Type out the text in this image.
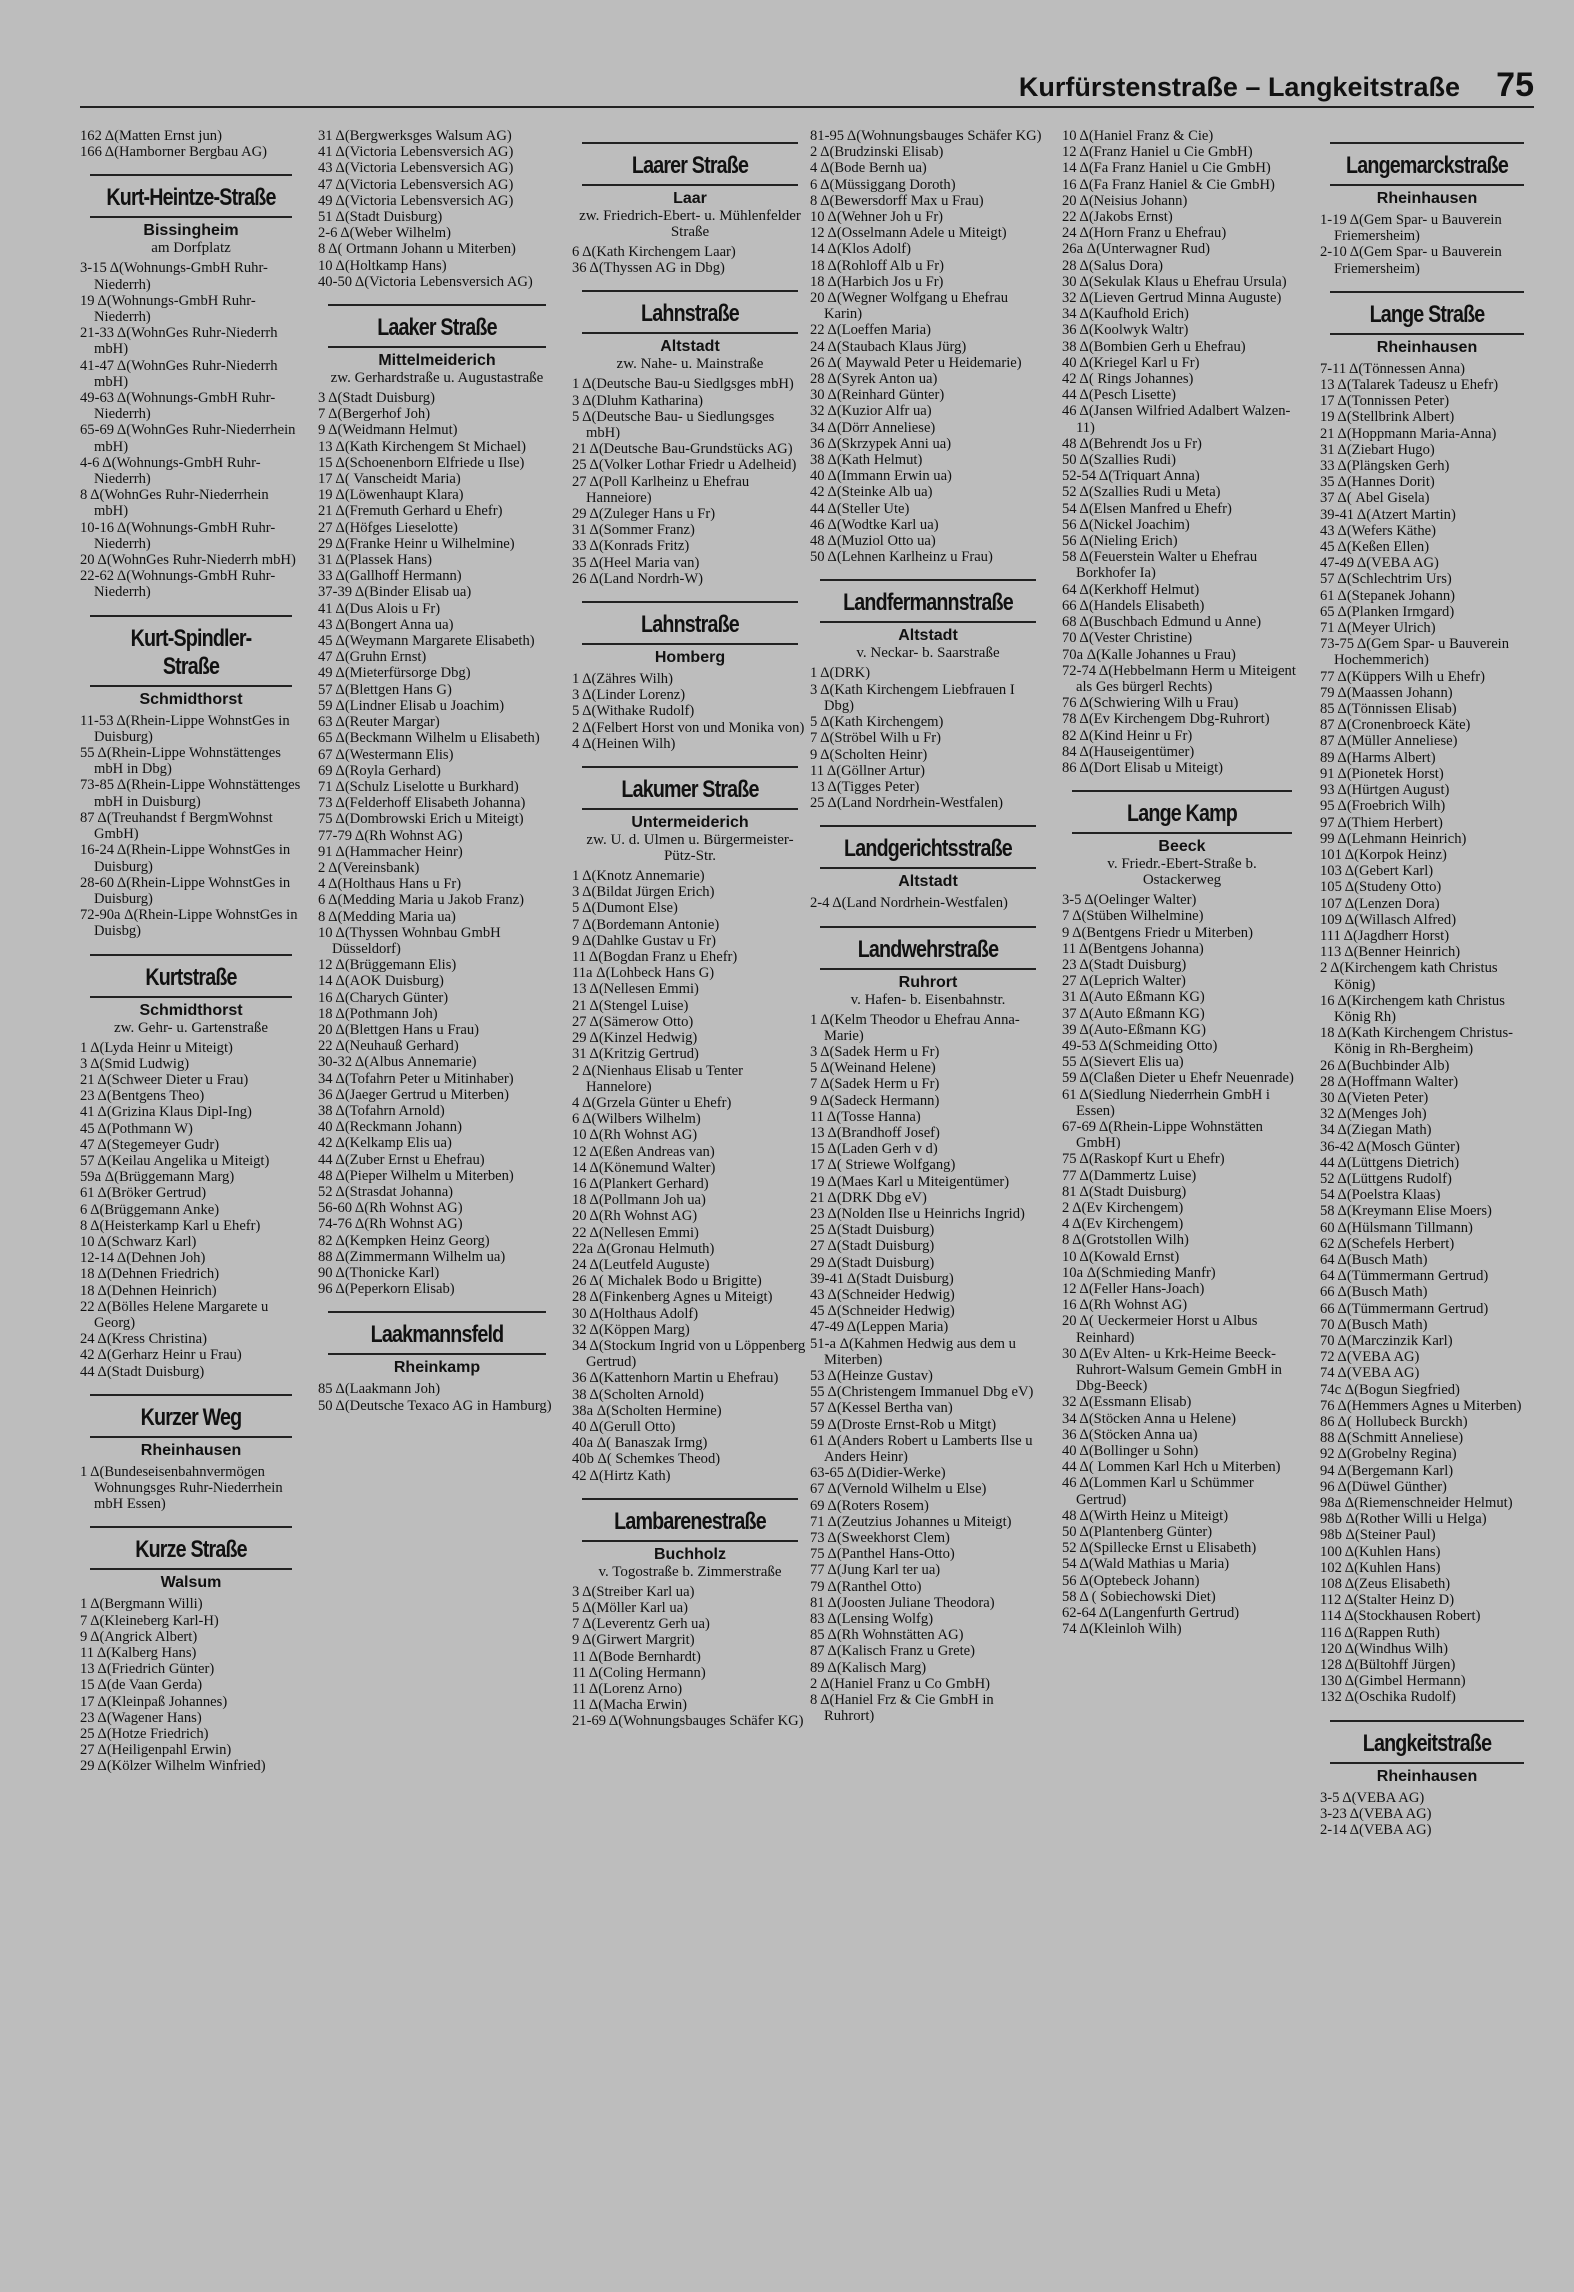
Kurfürstenstraße – Langkeitstraße 75
162 Δ(Matten Ernst jun)
166 Δ(Hamborner Bergbau AG)
Kurt-Heintze-Straße
Bissingheim
am Dorfplatz
3-15 Δ(Wohnungs-GmbH Ruhr-Niederrh)
19 Δ(Wohnungs-GmbH Ruhr-Niederrh)
21-33 Δ(WohnGes Ruhr-Niederrh mbH)
41-47 Δ(WohnGes Ruhr-Niederrh mbH)
49-63 Δ(Wohnungs-GmbH Ruhr-Niederrh)
65-69 Δ(WohnGes Ruhr-Niederrhein mbH)
4-6 Δ(Wohnungs-GmbH Ruhr-Niederrh)
8 Δ(WohnGes Ruhr-Niederrhein mbH)
10-16 Δ(Wohnungs-GmbH Ruhr-Niederrh)
20 Δ(WohnGes Ruhr-Niederrh mbH)
22-62 Δ(Wohnungs-GmbH Ruhr-Niederrh)
Kurt-Spindler-Straße
Schmidthorst
11-53 Δ(Rhein-Lippe WohnstGes in Duisburg)
55 Δ(Rhein-Lippe Wohnstättenges mbH in Dbg)
73-85 Δ(Rhein-Lippe Wohnstättenges mbH in Duisburg)
87 Δ(Treuhandst f BergmWohnst GmbH)
16-24 Δ(Rhein-Lippe WohnstGes in Duisburg)
28-60 Δ(Rhein-Lippe WohnstGes in Duisburg)
72-90a Δ(Rhein-Lippe WohnstGes in Duisbg)
Kurtstraße
Schmidthorst
zw. Gehr- u. Gartenstraße
1 Δ(Lyda Heinr u Miteigt)
3 Δ(Smid Ludwig)
21 Δ(Schweer Dieter u Frau)
23 Δ(Bentgens Theo)
41 Δ(Grizina Klaus Dipl-Ing)
45 Δ(Pothmann W)
47 Δ(Stegemeyer Gudr)
57 Δ(Keilau Angelika u Miteigt)
59a Δ(Brüggemann Marg)
61 Δ(Bröker Gertrud)
6 Δ(Brüggemann Anke)
8 Δ(Heisterkamp Karl u Ehefr)
10 Δ(Schwarz Karl)
12-14 Δ(Dehnen Joh)
18 Δ(Dehnen Friedrich)
18 Δ(Dehnen Heinrich)
22 Δ(Bölles Helene Margarete u Georg)
24 Δ(Kress Christina)
42 Δ(Gerharz Heinr u Frau)
44 Δ(Stadt Duisburg)
Kurzer Weg
Rheinhausen
1 Δ(Bundeseisenbahnvermögen Wohnungsges Ruhr-Niederrhein mbH Essen)
Kurze Straße
Walsum
1 Δ(Bergmann Willi)
7 Δ(Kleineberg Karl-H)
9 Δ(Angrick Albert)
11 Δ(Kalberg Hans)
13 Δ(Friedrich Günter)
15 Δ(de Vaan Gerda)
17 Δ(Kleinpaß Johannes)
23 Δ(Wagener Hans)
25 Δ(Hotze Friedrich)
27 Δ(Heiligenpahl Erwin)
29 Δ(Kölzer Wilhelm Winfried)
31 Δ(Bergwerksges Walsum AG)
41 Δ(Victoria Lebensversich AG)
43 Δ(Victoria Lebensversich AG)
47 Δ(Victoria Lebensversich AG)
49 Δ(Victoria Lebensversich AG)
51 Δ(Stadt Duisburg)
2-6 Δ(Weber Wilhelm)
8 Δ( Ortmann Johann u Miterben)
10 Δ(Holtkamp Hans)
40-50 Δ(Victoria Lebensversich AG)
Laaker Straße
Mittelmeiderich
zw. Gerhardstraße u. Augustastraße
3 Δ(Stadt Duisburg)
7 Δ(Bergerhof Joh)
9 Δ(Weidmann Helmut)
13 Δ(Kath Kirchengem St Michael)
15 Δ(Schoenenborn Elfriede u Ilse)
17 Δ( Vanscheidt Maria)
19 Δ(Löwenhaupt Klara)
21 Δ(Fremuth Gerhard u Ehefr)
27 Δ(Höfges Lieselotte)
29 Δ(Franke Heinr u Wilhelmine)
31 Δ(Plassek Hans)
33 Δ(Gallhoff Hermann)
37-39 Δ(Binder Elisab ua)
41 Δ(Dus Alois u Fr)
43 Δ(Bongert Anna ua)
45 Δ(Weymann Margarete Elisabeth)
47 Δ(Gruhn Ernst)
49 Δ(Mieterfürsorge Dbg)
57 Δ(Blettgen Hans G)
59 Δ(Lindner Elisab u Joachim)
63 Δ(Reuter Margar)
65 Δ(Beckmann Wilhelm u Elisabeth)
67 Δ(Westermann Elis)
69 Δ(Royla Gerhard)
71 Δ(Schulz Liselotte u Burkhard)
73 Δ(Felderhoff Elisabeth Johanna)
75 Δ(Dombrowski Erich u Miteigt)
77-79 Δ(Rh Wohnst AG)
91 Δ(Hammacher Heinr)
2 Δ(Vereinsbank)
4 Δ(Holthaus Hans u Fr)
6 Δ(Medding Maria u Jakob Franz)
8 Δ(Medding Maria ua)
10 Δ(Thyssen Wohnbau GmbH Düsseldorf)
12 Δ(Brüggemann Elis)
14 Δ(AOK Duisburg)
16 Δ(Charych Günter)
18 Δ(Pothmann Joh)
20 Δ(Blettgen Hans u Frau)
22 Δ(Neuhauß Gerhard)
30-32 Δ(Albus Annemarie)
34 Δ(Tofahrn Peter u Mitinhaber)
36 Δ(Jaeger Gertrud u Miterben)
38 Δ(Tofahrn Arnold)
40 Δ(Reckmann Johann)
42 Δ(Kelkamp Elis ua)
44 Δ(Zuber Ernst u Ehefrau)
48 Δ(Pieper Wilhelm u Miterben)
52 Δ(Strasdat Johanna)
56-60 Δ(Rh Wohnst AG)
74-76 Δ(Rh Wohnst AG)
82 Δ(Kempken Heinz Georg)
88 Δ(Zimmermann Wilhelm ua)
90 Δ(Thonicke Karl)
96 Δ(Peperkorn Elisab)
Laakmannsfeld
Rheinkamp
85 Δ(Laakmann Joh)
50 Δ(Deutsche Texaco AG in Hamburg)
Laarer Straße
Laar
zw. Friedrich-Ebert- u. Mühlenfelder Straße
6 Δ(Kath Kirchengem Laar)
36 Δ(Thyssen AG in Dbg)
Lahnstraße
Altstadt
zw. Nahe- u. Mainstraße
1 Δ(Deutsche Bau-u Siedlgsges mbH)
3 Δ(Dluhm Katharina)
5 Δ(Deutsche Bau- u Siedlungsges mbH)
21 Δ(Deutsche Bau-Grundstücks AG)
25 Δ(Volker Lothar Friedr u Adelheid)
27 Δ(Poll Karlheinz u Ehefrau Hanneiore)
29 Δ(Zuleger Hans u Fr)
31 Δ(Sommer Franz)
33 Δ(Konrads Fritz)
35 Δ(Heel Maria van)
26 Δ(Land Nordrh-W)
Lahnstraße
Homberg
1 Δ(Zähres Wilh)
3 Δ(Linder Lorenz)
5 Δ(Withake Rudolf)
2 Δ(Felbert Horst von und Monika von)
4 Δ(Heinen Wilh)
Lakumer Straße
Untermeiderich
zw. U. d. Ulmen u. Bürgermeister-Pütz-Str.
1 Δ(Knotz Annemarie)
3 Δ(Bildat Jürgen Erich)
5 Δ(Dumont Else)
7 Δ(Bordemann Antonie)
9 Δ(Dahlke Gustav u Fr)
11 Δ(Bogdan Franz u Ehefr)
11a Δ(Lohbeck Hans G)
13 Δ(Nellesen Emmi)
21 Δ(Stengel Luise)
27 Δ(Sämerow Otto)
29 Δ(Kinzel Hedwig)
31 Δ(Kritzig Gertrud)
2 Δ(Nienhaus Elisab u Tenter Hannelore)
4 Δ(Grzela Günter u Ehefr)
6 Δ(Wilbers Wilhelm)
10 Δ(Rh Wohnst AG)
12 Δ(Eßen Andreas van)
14 Δ(Könemund Walter)
16 Δ(Plankert Gerhard)
18 Δ(Pollmann Joh ua)
20 Δ(Rh Wohnst AG)
22 Δ(Nellesen Emmi)
22a Δ(Gronau Helmuth)
24 Δ(Leutfeld Auguste)
26 Δ( Michalek Bodo u Brigitte)
28 Δ(Finkenberg Agnes u Miteigt)
30 Δ(Holthaus Adolf)
32 Δ(Köppen Marg)
34 Δ(Stockum Ingrid von u Löppenberg Gertrud)
36 Δ(Kattenhorn Martin u Ehefrau)
38 Δ(Scholten Arnold)
38a Δ(Scholten Hermine)
40 Δ(Gerull Otto)
40a Δ( Banaszak Irmg)
40b Δ( Schemkes Theod)
42 Δ(Hirtz Kath)
Lambarenestraße
Buchholz
v. Togostraße b. Zimmerstraße
3 Δ(Streiber Karl ua)
5 Δ(Möller Karl ua)
7 Δ(Leverentz Gerh ua)
9 Δ(Girwert Margrit)
11 Δ(Bode Bernhardt)
11 Δ(Coling Hermann)
11 Δ(Lorenz Arno)
11 Δ(Macha Erwin)
21-69 Δ(Wohnungsbauges Schäfer KG)
81-95 Δ(Wohnungsbauges Schäfer KG)
2 Δ(Brudzinski Elisab)
4 Δ(Bode Bernh ua)
6 Δ(Müssiggang Doroth)
8 Δ(Bewersdorff Max u Frau)
10 Δ(Wehner Joh u Fr)
12 Δ(Osselmann Adele u Miteigt)
14 Δ(Klos Adolf)
18 Δ(Rohloff Alb u Fr)
18 Δ(Harbich Jos u Fr)
20 Δ(Wegner Wolfgang u Ehefrau Karin)
22 Δ(Loeffen Maria)
24 Δ(Staubach Klaus Jürg)
26 Δ( Maywald Peter u Heidemarie)
28 Δ(Syrek Anton ua)
30 Δ(Reinhard Günter)
32 Δ(Kuzior Alfr ua)
34 Δ(Dörr Anneliese)
36 Δ(Skrzypek Anni ua)
38 Δ(Kath Helmut)
40 Δ(Immann Erwin ua)
42 Δ(Steinke Alb ua)
44 Δ(Steller Ute)
46 Δ(Wodtke Karl ua)
48 Δ(Muziol Otto ua)
50 Δ(Lehnen Karlheinz u Frau)
Landfermannstraße
Altstadt
v. Neckar- b. Saarstraße
1 Δ(DRK)
3 Δ(Kath Kirchengem Liebfrauen I Dbg)
5 Δ(Kath Kirchengem)
7 Δ(Ströbel Wilh u Fr)
9 Δ(Scholten Heinr)
11 Δ(Göllner Artur)
13 Δ(Tigges Peter)
25 Δ(Land Nordrhein-Westfalen)
Landgerichtsstraße
Altstadt
2-4 Δ(Land Nordrhein-Westfalen)
Landwehrstraße
Ruhrort
v. Hafen- b. Eisenbahnstr.
1 Δ(Kelm Theodor u Ehefrau Anna-Marie)
3 Δ(Sadek Herm u Fr)
5 Δ(Weinand Helene)
7 Δ(Sadek Herm u Fr)
9 Δ(Sadeck Hermann)
11 Δ(Tosse Hanna)
13 Δ(Brandhoff Josef)
15 Δ(Laden Gerh v d)
17 Δ( Striewe Wolfgang)
19 Δ(Maes Karl u Miteigentümer)
21 Δ(DRK Dbg eV)
23 Δ(Nolden Ilse u Heinrichs Ingrid)
25 Δ(Stadt Duisburg)
27 Δ(Stadt Duisburg)
29 Δ(Stadt Duisburg)
39-41 Δ(Stadt Duisburg)
43 Δ(Schneider Hedwig)
45 Δ(Schneider Hedwig)
47-49 Δ(Leppen Maria)
51-a Δ(Kahmen Hedwig aus dem u Miterben)
53 Δ(Heinze Gustav)
55 Δ(Christengem Immanuel Dbg eV)
57 Δ(Kessel Bertha van)
59 Δ(Droste Ernst-Rob u Mitgt)
61 Δ(Anders Robert u Lamberts Ilse u Anders Heinr)
63-65 Δ(Didier-Werke)
67 Δ(Vernold Wilhelm u Else)
69 Δ(Roters Rosem)
71 Δ(Zeutzius Johannes u Miteigt)
73 Δ(Sweekhorst Clem)
75 Δ(Panthel Hans-Otto)
77 Δ(Jung Karl ter ua)
79 Δ(Ranthel Otto)
81 Δ(Joosten Juliane Theodora)
83 Δ(Lensing Wolfg)
85 Δ(Rh Wohnstätten AG)
87 Δ(Kalisch Franz u Grete)
89 Δ(Kalisch Marg)
2 Δ(Haniel Franz u Co GmbH)
8 Δ(Haniel Frz & Cie GmbH in Ruhrort)
10 Δ(Haniel Franz & Cie)
12 Δ(Franz Haniel u Cie GmbH)
14 Δ(Fa Franz Haniel u Cie GmbH)
16 Δ(Fa Franz Haniel & Cie GmbH)
20 Δ(Neisius Johann)
22 Δ(Jakobs Ernst)
24 Δ(Horn Franz u Ehefrau)
26a Δ(Unterwagner Rud)
28 Δ(Salus Dora)
30 Δ(Sekulak Klaus u Ehefrau Ursula)
32 Δ(Lieven Gertrud Minna Auguste)
34 Δ(Kaufhold Erich)
36 Δ(Koolwyk Waltr)
38 Δ(Bombien Gerh u Ehefrau)
40 Δ(Kriegel Karl u Fr)
42 Δ( Rings Johannes)
44 Δ(Pesch Lisette)
46 Δ(Jansen Wilfried Adalbert Walzen-11)
48 Δ(Behrendt Jos u Fr)
50 Δ(Szallies Rudi)
52-54 Δ(Triquart Anna)
52 Δ(Szallies Rudi u Meta)
54 Δ(Elsen Manfred u Ehefr)
56 Δ(Nickel Joachim)
56 Δ(Nieling Erich)
58 Δ(Feuerstein Walter u Ehefrau Borkhofer Ia)
64 Δ(Kerkhoff Helmut)
66 Δ(Handels Elisabeth)
68 Δ(Buschbach Edmund u Anne)
70 Δ(Vester Christine)
70a Δ(Kalle Johannes u Frau)
72-74 Δ(Hebbelmann Herm u Miteigent als Ges bürgerl Rechts)
76 Δ(Schwiering Wilh u Frau)
78 Δ(Ev Kirchengem Dbg-Ruhrort)
82 Δ(Kind Heinr u Fr)
84 Δ(Hauseigentümer)
86 Δ(Dort Elisab u Miteigt)
Lange Kamp
Beeck
v. Friedr.-Ebert-Straße b. Ostackerweg
3-5 Δ(Oelinger Walter)
7 Δ(Stüben Wilhelmine)
9 Δ(Bentgens Friedr u Miterben)
11 Δ(Bentgens Johanna)
23 Δ(Stadt Duisburg)
27 Δ(Leprich Walter)
31 Δ(Auto Eßmann KG)
37 Δ(Auto Eßmann KG)
39 Δ(Auto-Eßmann KG)
49-53 Δ(Schmeiding Otto)
55 Δ(Sievert Elis ua)
59 Δ(Claßen Dieter u Ehefr Neuenrade)
61 Δ(Siedlung Niederrhein GmbH i Essen)
67-69 Δ(Rhein-Lippe Wohnstätten GmbH)
75 Δ(Raskopf Kurt u Ehefr)
77 Δ(Dammertz Luise)
81 Δ(Stadt Duisburg)
2 Δ(Ev Kirchengem)
4 Δ(Ev Kirchengem)
8 Δ(Grotstollen Wilh)
10 Δ(Kowald Ernst)
10a Δ(Schmieding Manfr)
12 Δ(Feller Hans-Joach)
16 Δ(Rh Wohnst AG)
20 Δ( Ueckermeier Horst u Albus Reinhard)
30 Δ(Ev Alten- u Krk-Heime Beeck-Ruhrort-Walsum Gemein GmbH in Dbg-Beeck)
32 Δ(Essmann Elisab)
34 Δ(Stöcken Anna u Helene)
36 Δ(Stöcken Anna ua)
40 Δ(Bollinger u Sohn)
44 Δ( Lommen Karl Hch u Miterben)
46 Δ(Lommen Karl u Schümmer Gertrud)
48 Δ(Wirth Heinz u Miteigt)
50 Δ(Plantenberg Günter)
52 Δ(Spillecke Ernst u Elisabeth)
54 Δ(Wald Mathias u Maria)
56 Δ(Optebeck Johann)
58 Δ ( Sobiechowski Diet)
62-64 Δ(Langenfurth Gertrud)
74 Δ(Kleinloh Wilh)
Langemarckstraße
Rheinhausen
1-19 Δ(Gem Spar- u Bauverein Friemersheim)
2-10 Δ(Gem Spar- u Bauverein Friemersheim)
Lange Straße
Rheinhausen
7-11 Δ(Tönnessen Anna)
13 Δ(Talarek Tadeusz u Ehefr)
17 Δ(Tonnissen Peter)
19 Δ(Stellbrink Albert)
21 Δ(Hoppmann Maria-Anna)
31 Δ(Ziebart Hugo)
33 Δ(Plängsken Gerh)
35 Δ(Hannes Dorit)
37 Δ( Abel Gisela)
39-41 Δ(Atzert Martin)
43 Δ(Wefers Käthe)
45 Δ(Keßen Ellen)
47-49 Δ(VEBA AG)
57 Δ(Schlechtrim Urs)
61 Δ(Stepanek Johann)
65 Δ(Planken Irmgard)
71 Δ(Meyer Ulrich)
73-75 Δ(Gem Spar- u Bauverein Hochemmerich)
77 Δ(Küppers Wilh u Ehefr)
79 Δ(Maassen Johann)
85 Δ(Tönnissen Elisab)
87 Δ(Cronenbroeck Käte)
87 Δ(Müller Anneliese)
89 Δ(Harms Albert)
91 Δ(Pionetek Horst)
93 Δ(Hürtgen August)
95 Δ(Froebrich Wilh)
97 Δ(Thiem Herbert)
99 Δ(Lehmann Heinrich)
101 Δ(Korpok Heinz)
103 Δ(Gebert Karl)
105 Δ(Studeny Otto)
107 Δ(Lenzen Dora)
109 Δ(Willasch Alfred)
111 Δ(Jagdherr Horst)
113 Δ(Benner Heinrich)
2 Δ(Kirchengem kath Christus König)
16 Δ(Kirchengem kath Christus König Rh)
18 Δ(Kath Kirchengem Christus-König in Rh-Bergheim)
26 Δ(Buchbinder Alb)
28 Δ(Hoffmann Walter)
30 Δ(Vieten Peter)
32 Δ(Menges Joh)
34 Δ(Ziegan Math)
36-42 Δ(Mosch Günter)
44 Δ(Lüttgens Dietrich)
52 Δ(Lüttgens Rudolf)
54 Δ(Poelstra Klaas)
58 Δ(Kreymann Elise Moers)
60 Δ(Hülsmann Tillmann)
62 Δ(Schefels Herbert)
64 Δ(Busch Math)
64 Δ(Tümmermann Gertrud)
66 Δ(Busch Math)
66 Δ(Tümmermann Gertrud)
70 Δ(Busch Math)
70 Δ(Marczinzik Karl)
72 Δ(VEBA AG)
74 Δ(VEBA AG)
74c Δ(Bogun Siegfried)
76 Δ(Hemmers Agnes u Miterben)
86 Δ( Hollubeck Burckh)
88 Δ(Schmitt Anneliese)
92 Δ(Grobelny Regina)
94 Δ(Bergemann Karl)
96 Δ(Düwel Günther)
98a Δ(Riemenschneider Helmut)
98b Δ(Rother Willi u Helga)
98b Δ(Steiner Paul)
100 Δ(Kuhlen Hans)
102 Δ(Kuhlen Hans)
108 Δ(Zeus Elisabeth)
112 Δ(Stalter Heinz D)
114 Δ(Stockhausen Robert)
116 Δ(Rappen Ruth)
120 Δ(Windhus Wilh)
128 Δ(Bültohff Jürgen)
130 Δ(Gimbel Hermann)
132 Δ(Oschika Rudolf)
Langkeitstraße
Rheinhausen
3-5 Δ(VEBA AG)
3-23 Δ(VEBA AG)
2-14 Δ(VEBA AG)
